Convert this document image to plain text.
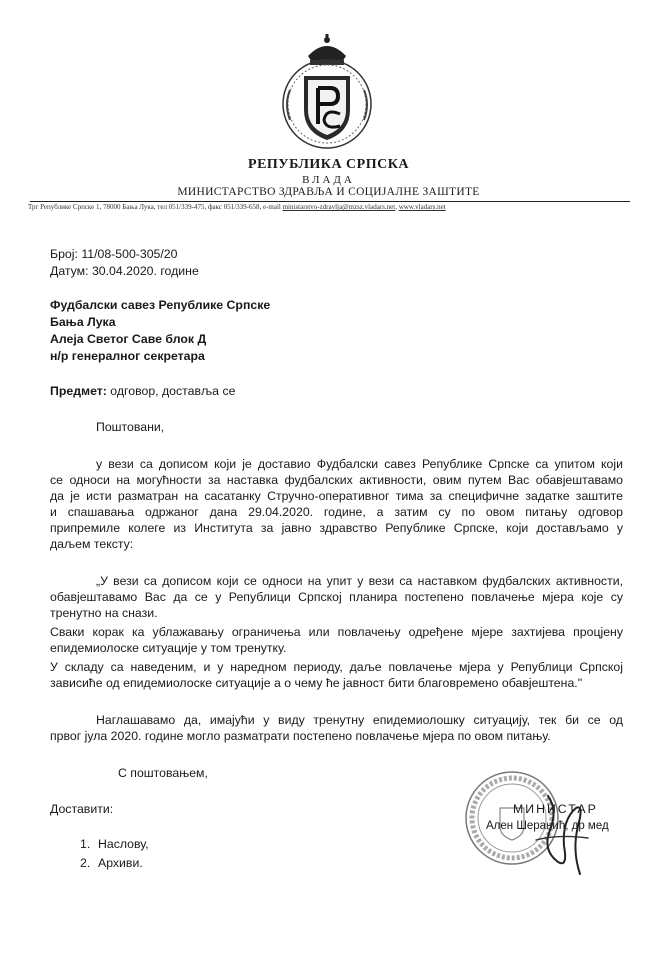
РЕПУБЛИКА СРПСКА
ВЛАДА
МИНИСТАРСТВО ЗДРАВЉА И СОЦИЈАЛНЕ ЗАШТИТЕ
Трг Републике Српске 1, 78000 Бања Лука, тел 051/339-475, факс 051/339-658, e-mail ministarstvo-zdravlja@mzsz.vladars.net, www.vladars.net
Број: 11/08-500-305/20
Датум: 30.04.2020. године
Фудбалски савез Републике Српске
Бања Лука
Алеја Светог Саве блок Д
н/р генералног секретара
Предмет: одговор, доставља се
Поштовани,
у вези са дописом који је доставио Фудбалски савез Републике Српске са упитом који
се односи на могућности за наставка фудбалских активности, овим путем Вас обавјештавамо
да је исти разматран на сасатанку Стручно-оперативног тима за специфичне задатке заштите
и спашавања одржаног дана 29.04.2020. године, а затим су по овом питању одговор
припремиле колеге из Института за јавно здравство Републике Српске, који достављамо у
даљем тексту:
„У вези са дописом који се односи на упит у вези са наставком фудбалских активности,
обавјештавамо Вас да се у Републици Српској планира постепено повлачење мјера које су
тренутно на снази.
Сваки корак ка ублажавању ограничења или повлачењу одређене мјере захтијева процјену
епидемиолоске ситуације у том тренутку.
У складу са наведеним, и у наредном периоду, даље повлачење мјера у Републици Српској
зависиће од епидемиолоске ситуације а о чему ће јавност бити благовремено обавјештена."
Наглашавамо да, имајући у виду тренутну епидемиолошку ситуацију, тек би се од
првог јула 2020. године могло разматрати постепено повлачење мјера по овом питању.
С поштовањем,
Доставити:
1. Наслову,
2. Архиви.
МИНИСТАР
Ален Шеранић, др мед
